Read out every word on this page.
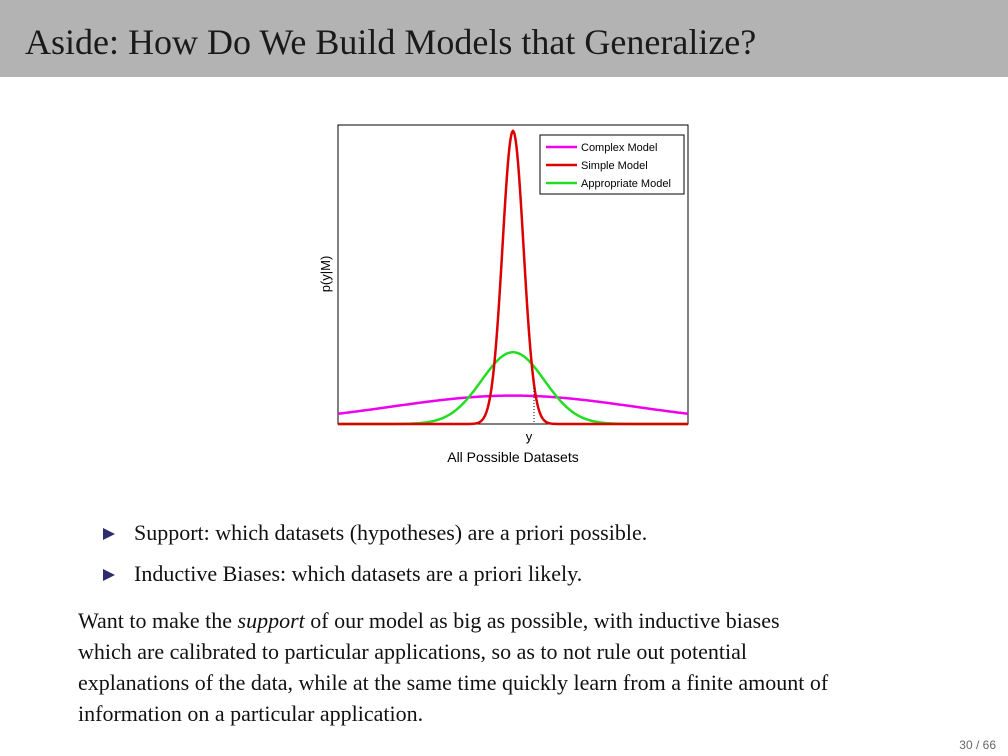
Aside: How Do We Build Models that Generalize?
y
All Possible Datasets
p(y|M)
Complex Model
Simple Model
Appropriate Model
Support: which datasets (hypotheses) are a priori possible.
Inductive Biases: which datasets are a priori likely.

Want to make the support of our model as big as possible, with inductive biases

which are calibrated to particular applications, so as to not rule out potential

explanations of the data, while at the same time quickly learn from a finite amount of

information on a particular application.

30 / 66
